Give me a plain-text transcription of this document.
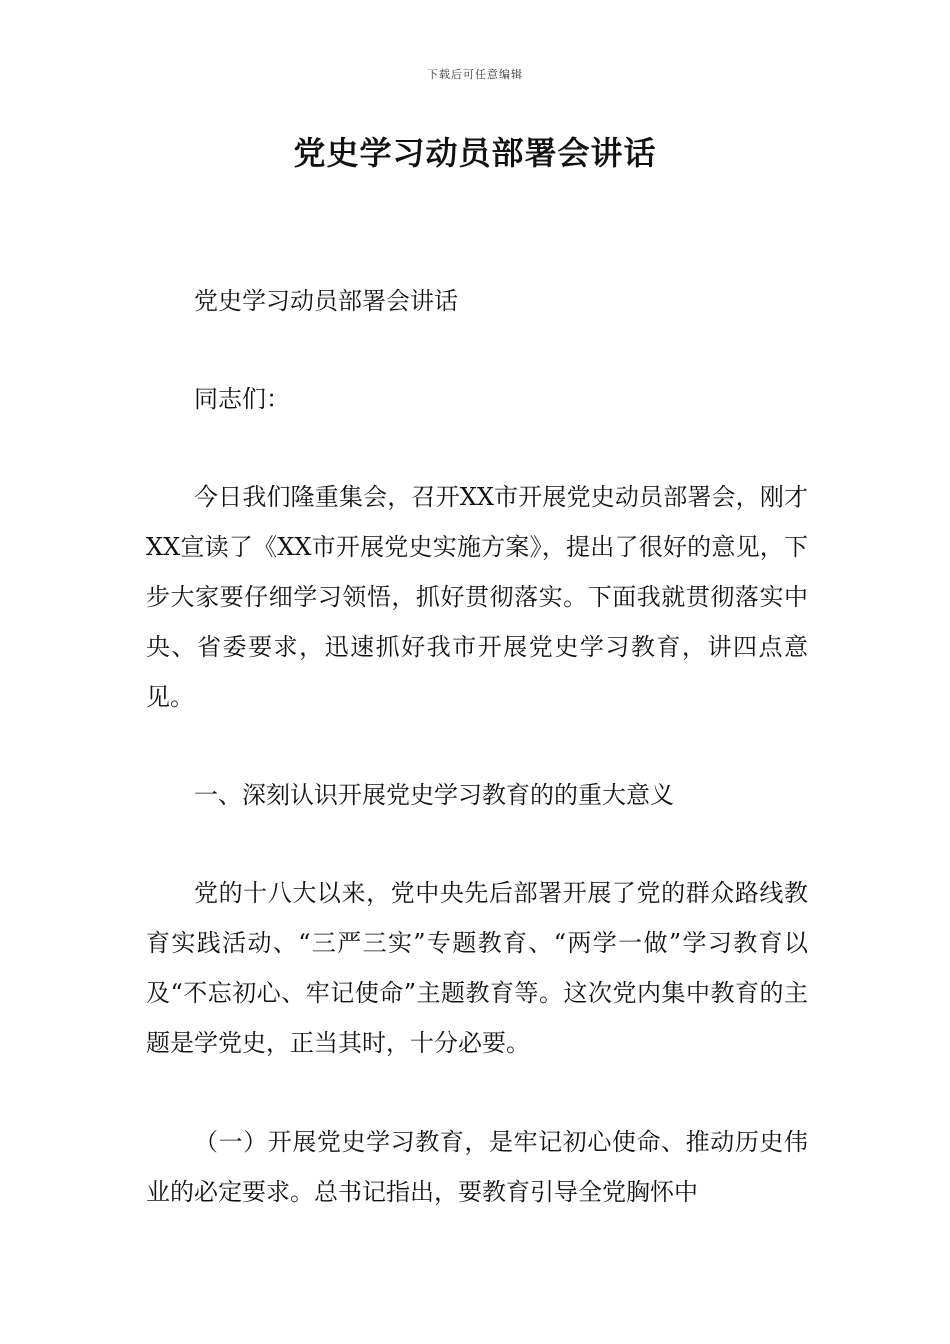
下载后可任意编辑
党史学习动员部署会讲话

党史学习动员部署会讲话

同志们：

今日我们隆重集会，召开XX市开展党史动员部署会，刚才XX宣读了《XX市开展党史实施方案》，提出了很好的意见，下步大家要仔细学习领悟，抓好贯彻落实。下面我就贯彻落实中央、省委要求，迅速抓好我市开展党史学习教育，讲四点意见。

一、深刻认识开展党史学习教育的的重大意义

党的十八大以来，党中央先后部署开展了党的群众路线教育实践活动、“三严三实”专题教育、“两学一做”学习教育以及“不忘初心、牢记使命”主题教育等。这次党内集中教育的主题是学党史，正当其时，十分必要。

（一）开展党史学习教育，是牢记初心使命、推动历史伟业的必定要求。总书记指出，要教育引导全党胸怀中
